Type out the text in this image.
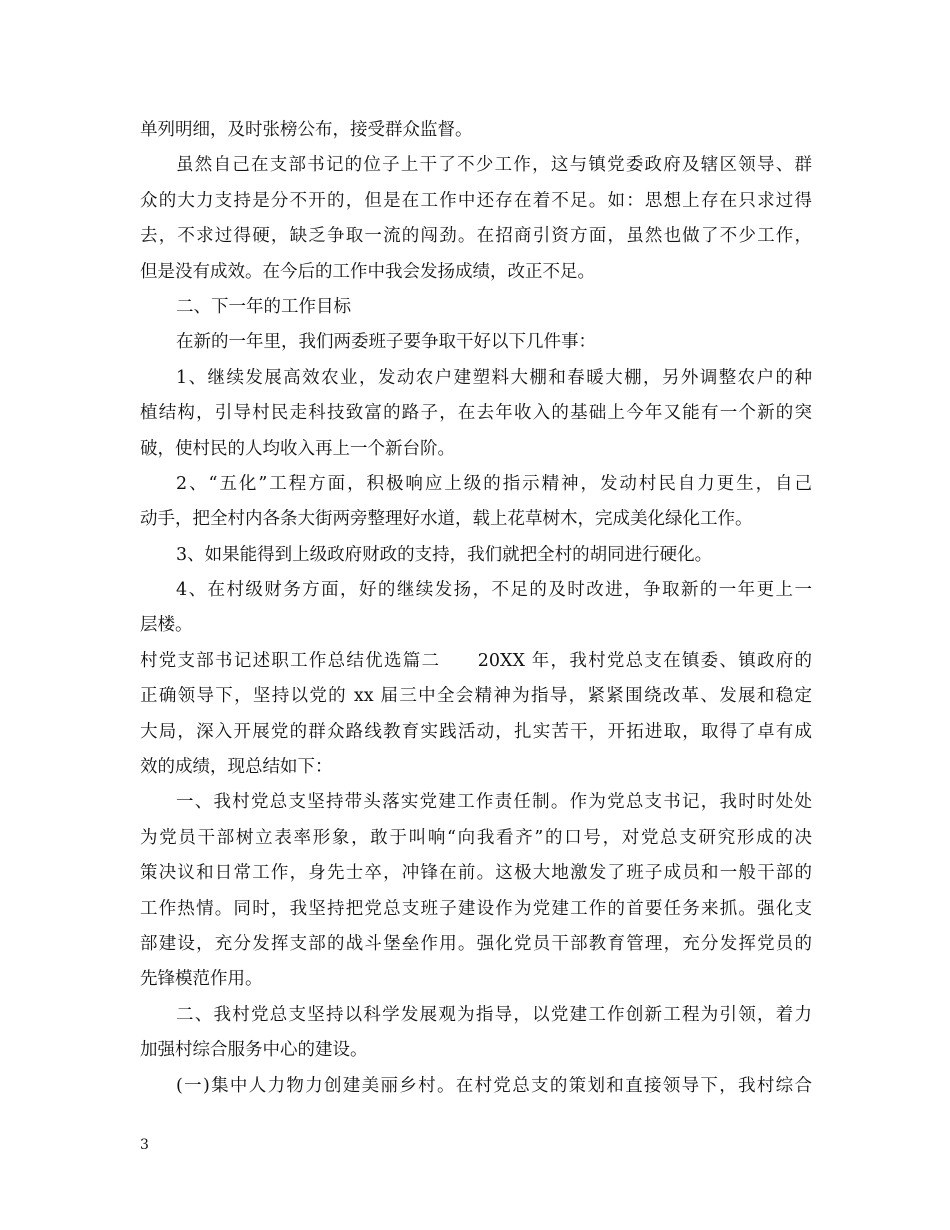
单列明细，及时张榜公布，接受群众监督。
虽然自己在支部书记的位子上干了不少工作，这与镇党委政府及辖区领导、群
众的大力支持是分不开的，但是在工作中还存在着不足。如：思想上存在只求过得
去，不求过得硬，缺乏争取一流的闯劲。在招商引资方面，虽然也做了不少工作，
但是没有成效。在今后的工作中我会发扬成绩，改正不足。
二、下一年的工作目标
在新的一年里，我们两委班子要争取干好以下几件事：
1、继续发展高效农业，发动农户建塑料大棚和春暖大棚，另外调整农户的种
植结构，引导村民走科技致富的路子，在去年收入的基础上今年又能有一个新的突
破，使村民的人均收入再上一个新台阶。
2、“五化”工程方面，积极响应上级的指示精神，发动村民自力更生，自己
动手，把全村内各条大街两旁整理好水道，载上花草树木，完成美化绿化工作。
3、如果能得到上级政府财政的支持，我们就把全村的胡同进行硬化。
4、在村级财务方面，好的继续发扬，不足的及时改进，争取新的一年更上一
层楼。
村党支部书记述职工作总结优选篇二　　20XX 年，我村党总支在镇委、镇政府的
正确领导下，坚持以党的 xx 届三中全会精神为指导，紧紧围绕改革、发展和稳定
大局，深入开展党的群众路线教育实践活动，扎实苦干，开拓进取，取得了卓有成
效的成绩，现总结如下：
一、我村党总支坚持带头落实党建工作责任制。作为党总支书记，我时时处处
为党员干部树立表率形象，敢于叫响“向我看齐”的口号，对党总支研究形成的决
策决议和日常工作，身先士卒，冲锋在前。这极大地激发了班子成员和一般干部的
工作热情。同时，我坚持把党总支班子建设作为党建工作的首要任务来抓。强化支
部建设，充分发挥支部的战斗堡垒作用。强化党员干部教育管理，充分发挥党员的
先锋模范作用。
二、我村党总支坚持以科学发展观为指导，以党建工作创新工程为引领，着力
加强村综合服务中心的建设。
(一)集中人力物力创建美丽乡村。在村党总支的策划和直接领导下，我村综合
3
